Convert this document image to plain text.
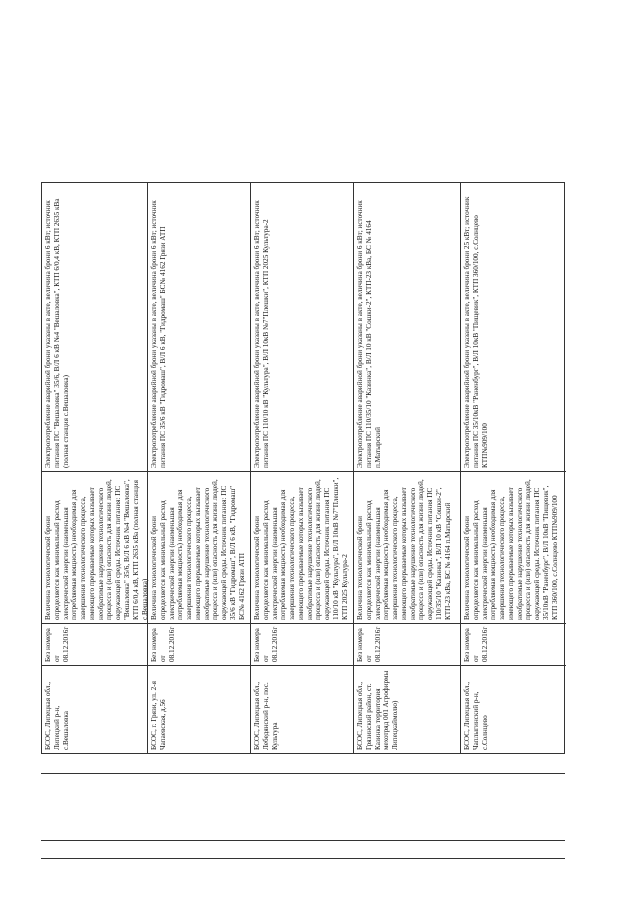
БСОС, Липецкая обл., Липецкий р-н, с.Вешаловка
Без номера от 08.12.2016г
Величина технологической брони определяется как минимальный расход электрической энергии (наименьшая потребляемая мощность) необходимая для завершения технологического процесса, имеющего прерываемые которых вызывает необратимые нарушение технологического процесса и (или) опасность для жизни людей, окружающей среды. Источник питания: ПС "Вешаловка" 35/6, В/Л 6 кВ №4 "Вешаловка", КТП 6/0,4 кВ, КТП 2635 кВа (полная станция с.Вешаловка)
Электропотребление аварийной брони указаны в акте, величина брони 6 кВт; источник питания ПС "Вешаловка" 35/6, В/Л 6 кВ №4 "Вешаловка", КТП 6/0,4 кВ, КТП 2635 кВа (полная станция с.Вешаловка)
БСОС, г. Грязи, ул. 2-я Чапаевская, д.56
Без номера от 08.12.2016г
Величина технологической брони определяется как минимальный расход электрической энергии (наименьшая потребляемая мощность) необходимая для завершения технологического процесса, имеющего прерываемые которых вызывает необратимые нарушение технологического процесса и (или) опасность для жизни людей, окружающей среды. Источник питания: ПС 35/6 кВ "Гидромаш", В/Л 6 кВ, "Гидромаш" БС№ 4162 Грязи АТП
Электропотребление аварийной брони указаны в акте, величина брони 6 кВт; источник питания ПС 35/6 кВ "Гидромаш", В/Л 6 кВ, "Гидромаш" БС№ 4162 Грязи АТП
БСОС, Липецкая обл., Лебедянский р-н, пос. Культура
Без номера от 08.12.2016г
Величина технологической брони определяется как минимальный расход электрической энергии (наименьшая потребляемая мощность) необходимая для завершения технологического процесса, имеющего прерываемые которых вызывает необратимые нарушение технологического процесса и (или) опасность для жизни людей, окружающей среды. Источник питания ПС 110/10 кВ "Культура", В/Л 10кВ №7"Плешки", КТП 2025 Культура-2
Электропотребление аварийной брони указаны в акте, величина брони 6 кВт; источник питания ПС 110/10 кВ "Культура", В/Л 10кВ №7"Плешки", КТП 2025 Культура-2
БСОС, Липецкая обл., Грязинский район, ст. Казинка территория мехотряд 001 Агрофирмы Липецкаймолю)
Без номера от 08.12.2016г
Величина технологической брони определяется как минимальный расход электрической энергии (наименьшая потребляемая мощность) необходимая для завершения технологического процесса, имеющего прерываемые которых вызывает необратимые нарушение технологического процесса и (или) опасность для жизни людей, окружающей среды. Источник питания ПС 110/35/10 "Казинка", В/Л 10 кВ "Сошки-2", КТП-23 кВа, БС № 4164 п.Матырский
Электропотребление аварийной брони указаны в акте, величина брони 6 кВт; источник питания ПС 110/35/10 "Казинка", В/Л 10 кВ "Сошки-2", КТП-23 кВа, БС № 4164 п.Матырский
БСОС, Липецкая обл., Чаплыгинский р-н, с.Солнцево
Без номера от 08.12.2016г
Величина технологической брони определяется как минимальный расход электрической энергии (наименьшая потребляемая мощность) необходимая для завершения технологического процесса, имеющего прерываемые которых вызывает необратимые нарушение технологического процесса и (или) опасность для жизни людей, окружающей среды. Источник питания ПС 35/10кВ "Раненбург", В/Л 10кВ "Пищевик", КТП 360/100, с.Солнцево КТП№909/100
Электропотребление аварийной брони указаны в акте, величина брони 25 кВт; источник питания ПС 35/10кВ "Раненбург", В/Л 10кВ "Пищевик", КТП 360/100, с.Солнцево КТП№909/100
